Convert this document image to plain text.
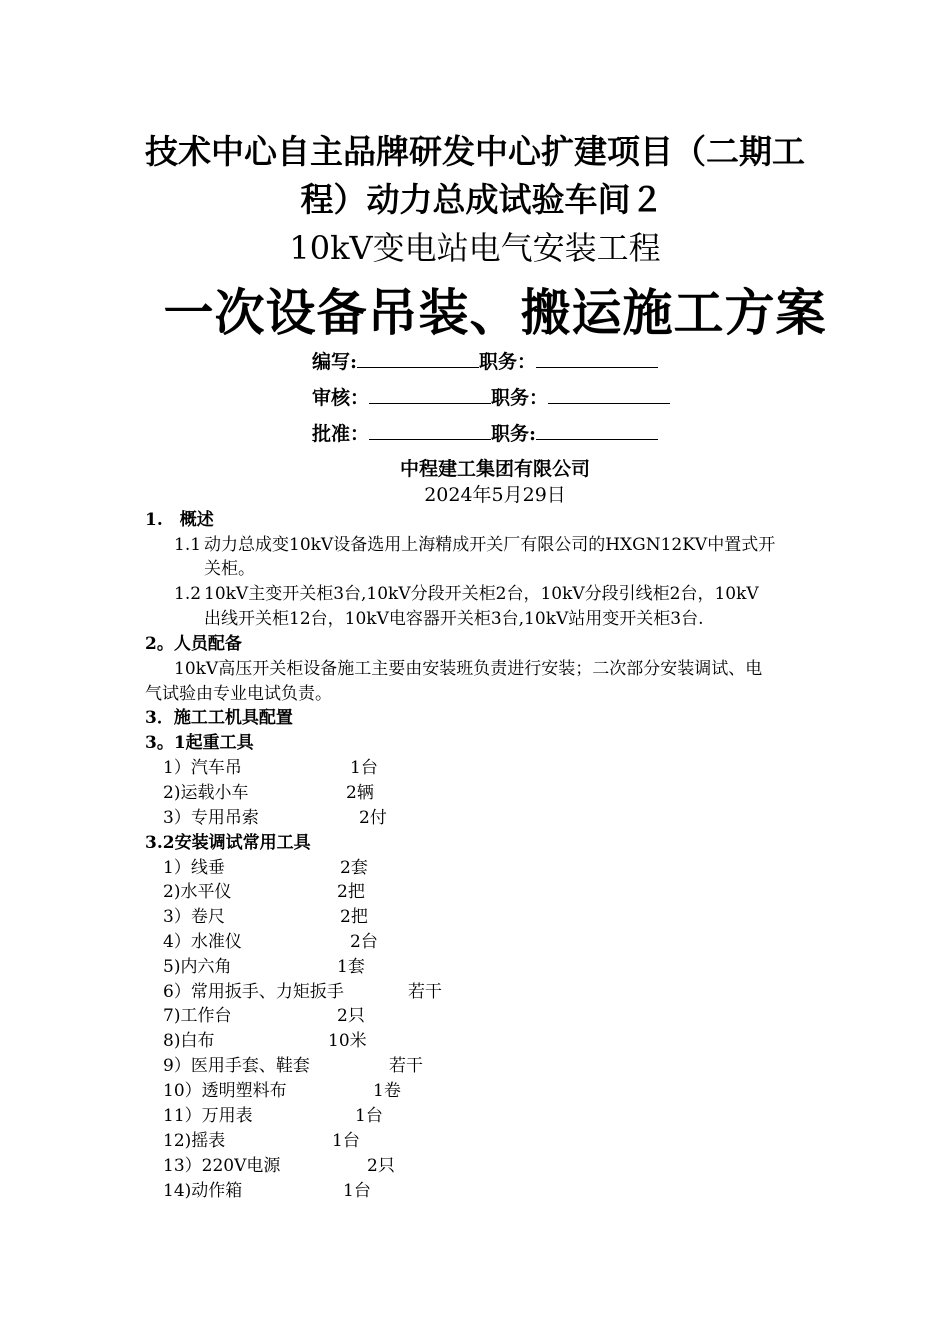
技术中心自主品牌研发中心扩建项目（二期工
程）动力总成试验车间２
10kV变电站电气安装工程
一次设备吊装、搬运施工方案
编写:	职务：
审核：	职务：
批准：	职务:
中程建工集团有限公司
2024年5月29日
1.　概述
1.1 动力总成变10kV设备选用上海精成开关厂有限公司的HXGN12KV中置式开
关柜。
1.2 10kV主变开关柜3台,10kV分段开关柜2台，10kV分段引线柜2台，10kV
出线开关柜12台，10kV电容器开关柜3台,10kV站用变开关柜3台.
2。人员配备
10kV高压开关柜设备施工主要由安装班负责进行安装；二次部分安装调试、电
气试验由专业电试负责。
3．施工工机具配置
3。1起重工具
1）汽车吊	1台
2)运载小车	2辆
3）专用吊索	2付
3.2安装调试常用工具
1）线垂	2套
2)水平仪	2把
3）卷尺	2把
4）水准仪	2台
5)内六角	1套
6）常用扳手、力矩扳手	若干
7)工作台	2只
8)白布	10米
9）医用手套、鞋套	若干
10）透明塑料布	1卷
11）万用表	1台
12)摇表	1台
13）220V电源	2只
14)动作箱	1台
